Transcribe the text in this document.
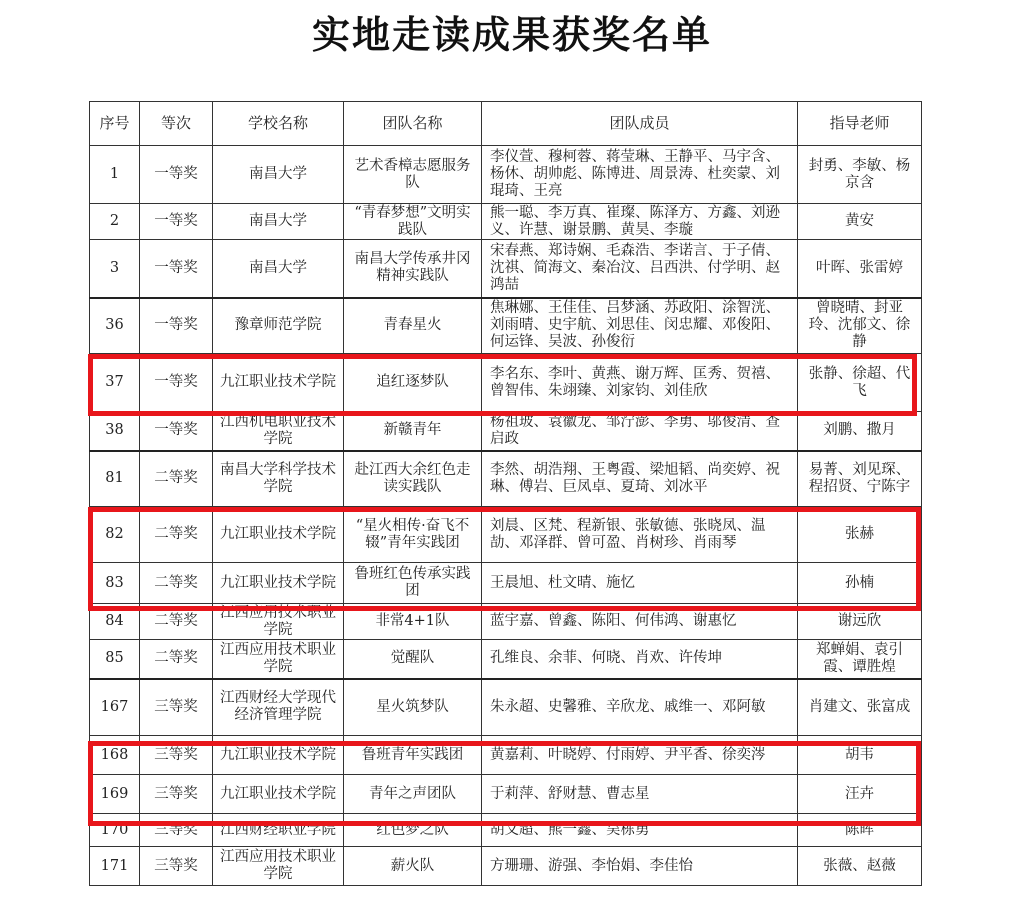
实地走读成果获奖名单
序号	等次	学校名称	团队名称	团队成员	指导老师
1	一等奖	南昌大学	艺术香樟志愿服务队	李仪萱、穆柯蓉、蒋莹琳、王静平、马宇含、杨休、胡帅彪、陈博进、周景涛、杜奕蒙、刘琨琦、王亮	封勇、李敏、杨京含
2	一等奖	南昌大学	“青春梦想”文明实践队	熊一聪、李万真、崔璨、陈泽方、方鑫、刘逊义、许慧、谢景鹏、黄昊、李璇	黄安
3	一等奖	南昌大学	南昌大学传承井冈精神实践队	宋春燕、郑诗娴、毛森浩、李诺言、于子倩、沈祺、简海文、秦冶汶、吕西洪、付学明、赵鸿喆	叶晖、张雷婷
36	一等奖	豫章师范学院	青春星火	焦琳娜、王佳佳、吕梦涵、苏政阳、涂智洸、刘雨晴、史宇航、刘思佳、闵忠耀、邓俊阳、何运锋、吴波、孙俊衍	曾晓晴、封亚玲、沈郁文、徐静
37	一等奖	九江职业技术学院	追红逐梦队	李名东、李叶、黄燕、谢万辉、匡秀、贺禧、曾智伟、朱翊臻、刘家钧、刘佳欣	张静、徐超、代飞
38	一等奖	江西机电职业技术学院	新赣青年	杨祖玻、袁徽龙、邹泞澎、李勇、邬俊清、查启政	刘鹏、撒月
81	二等奖	南昌大学科学技术学院	赴江西大余红色走读实践队	李然、胡浩翔、王粤霞、梁旭韬、尚奕婷、祝琳、傅岩、巨凤卓、夏琦、刘冰平	易菁、刘见琛、程招贤、宁陈宇
82	二等奖	九江职业技术学院	“星火相传·奋飞不辍”青年实践团	刘晨、区梵、程新银、张敏德、张晓凤、温劼、邓泽群、曾可盈、肖树珍、肖雨琴	张赫
83	二等奖	九江职业技术学院	鲁班红色传承实践团	王晨旭、杜文晴、施忆	孙楠
84	二等奖	江西应用技术职业学院	非常4+1队	蓝宇嘉、曾鑫、陈阳、何伟鸿、谢惠忆	谢远欣
85	二等奖	江西应用技术职业学院	觉醒队	孔维良、余菲、何晓、肖欢、许传坤	郑蝉娟、袁引霞、谭胜煌
167	三等奖	江西财经大学现代经济管理学院	星火筑梦队	朱永超、史馨雅、辛欣龙、戚维一、邓阿敏	肖建文、张富成
168	三等奖	九江职业技术学院	鲁班青年实践团	黄嘉莉、叶晓婷、付雨婷、尹平香、徐奕涔	胡韦
169	三等奖	九江职业技术学院	青年之声团队	于莉萍、舒财慧、曹志星	汪卉
170	三等奖	江西财经职业学院	红色梦之队	胡文超、熊一鑫、吴栋勇	陈晖
171	三等奖	江西应用技术职业学院	薪火队	方珊珊、游强、李怡娟、李佳怡	张薇、赵薇
